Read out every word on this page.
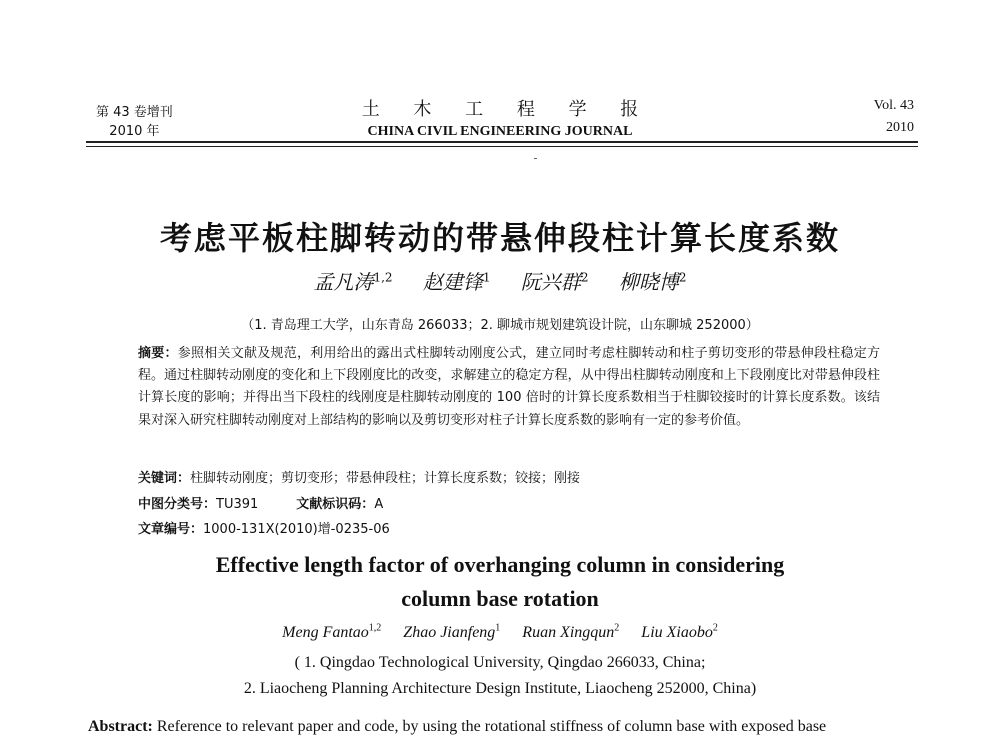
第 43 卷增刊
2010 年
土 木 工 程 学 报
CHINA CIVIL ENGINEERING JOURNAL
Vol. 43
2010
考虑平板柱脚转动的带悬伸段柱计算长度系数
孟凡涛$^{1,2}$ 赵建锋$^1$ 阮兴群$^2$ 柳晓博$^2$
（1. 青岛理工大学，山东青岛 266033；2. 聊城市规划建筑设计院，山东聊城 252000）
摘要：参照相关文献及规范，利用给出的露出式柱脚转动刚度公式，建立同时考虑柱脚转动和柱子剪切变形的带悬伸段柱稳定方程。通过柱脚转动刚度的变化和上下段刚度比的改变，求解建立的稳定方程，从中得出柱脚转动刚度和上下段刚度比对带悬伸段柱计算长度的影响；并得出当下段柱的线刚度是柱脚转动刚度的 100 倍时的计算长度系数相当于柱脚铰接时的计算长度系数。该结果对深入研究柱脚转动刚度对上部结构的影响以及剪切变形对柱子计算长度系数的影响有一定的参考价值。
关键词：柱脚转动刚度；剪切变形；带悬伸段柱；计算长度系数；铰接；刚接
中图分类号：TU391	文献标识码：A
文章编号：1000-131X(2010)增-0235-06
Effective length factor of overhanging column in considering
column base rotation
Meng Fantao$^{1,2}$ Zhao Jianfeng$^1$ Ruan Xingqun$^2$ Liu Xiaobo$^2$
( 1. Qingdao Technological University, Qingdao 266033, China;
2. Liaocheng Planning Architecture Design Institute, Liaocheng 252000, China)
Abstract: Reference to relevant paper and code, by using the rotational stiffness of column base with exposed base
